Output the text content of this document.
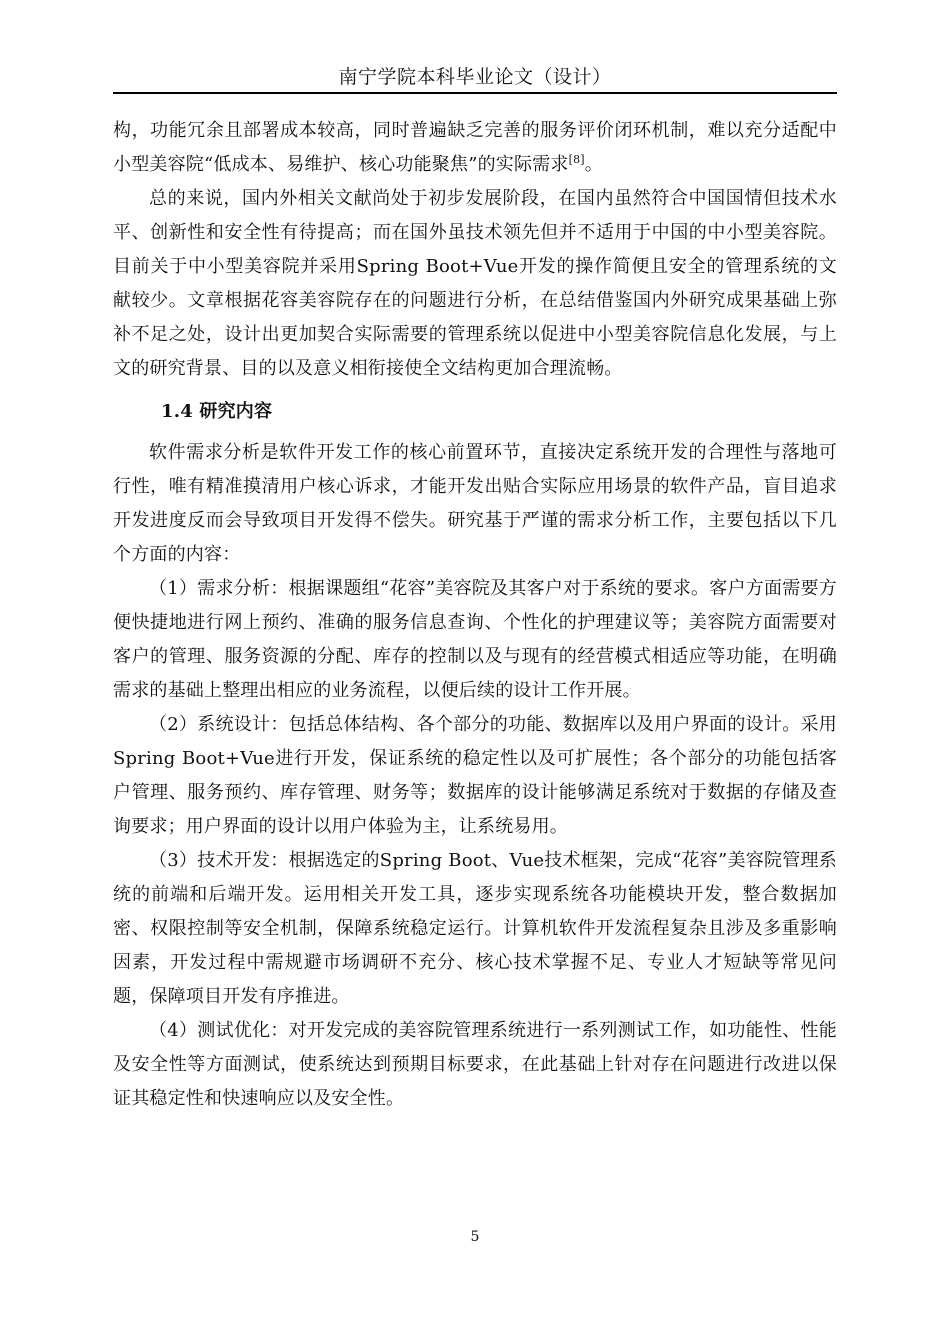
南宁学院本科毕业论文（设计）

构，功能冗余且部署成本较高，同时普遍缺乏完善的服务评价闭环机制，难以充分适配中小型美容院“低成本、易维护、核心功能聚焦”的实际需求[8]。

总的来说，国内外相关文献尚处于初步发展阶段，在国内虽然符合中国国情但技术水平、创新性和安全性有待提高；而在国外虽技术领先但并不适用于中国的中小型美容院。目前关于中小型美容院并采用Spring Boot+Vue开发的操作简便且安全的管理系统的文献较少。文章根据花容美容院存在的问题进行分析，在总结借鉴国内外研究成果基础上弥补不足之处，设计出更加契合实际需要的管理系统以促进中小型美容院信息化发展，与上文的研究背景、目的以及意义相衔接使全文结构更加合理流畅。

1.4 研究内容

软件需求分析是软件开发工作的核心前置环节，直接决定系统开发的合理性与落地可行性，唯有精准摸清用户核心诉求，才能开发出贴合实际应用场景的软件产品，盲目追求开发进度反而会导致项目开发得不偿失。研究基于严谨的需求分析工作，主要包括以下几个方面的内容：

（1）需求分析：根据课题组“花容”美容院及其客户对于系统的要求。客户方面需要方便快捷地进行网上预约、准确的服务信息查询、个性化的护理建议等；美容院方面需要对客户的管理、服务资源的分配、库存的控制以及与现有的经营模式相适应等功能，在明确需求的基础上整理出相应的业务流程，以便后续的设计工作开展。

（2）系统设计：包括总体结构、各个部分的功能、数据库以及用户界面的设计。采用Spring Boot+Vue进行开发，保证系统的稳定性以及可扩展性；各个部分的功能包括客户管理、服务预约、库存管理、财务等；数据库的设计能够满足系统对于数据的存储及查询要求；用户界面的设计以用户体验为主，让系统易用。

（3）技术开发：根据选定的Spring Boot、Vue技术框架，完成“花容”美容院管理系统的前端和后端开发。运用相关开发工具，逐步实现系统各功能模块开发，整合数据加密、权限控制等安全机制，保障系统稳定运行。计算机软件开发流程复杂且涉及多重影响因素，开发过程中需规避市场调研不充分、核心技术掌握不足、专业人才短缺等常见问题，保障项目开发有序推进。

（4）测试优化：对开发完成的美容院管理系统进行一系列测试工作，如功能性、性能及安全性等方面测试，使系统达到预期目标要求，在此基础上针对存在问题进行改进以保证其稳定性和快速响应以及安全性。

5
